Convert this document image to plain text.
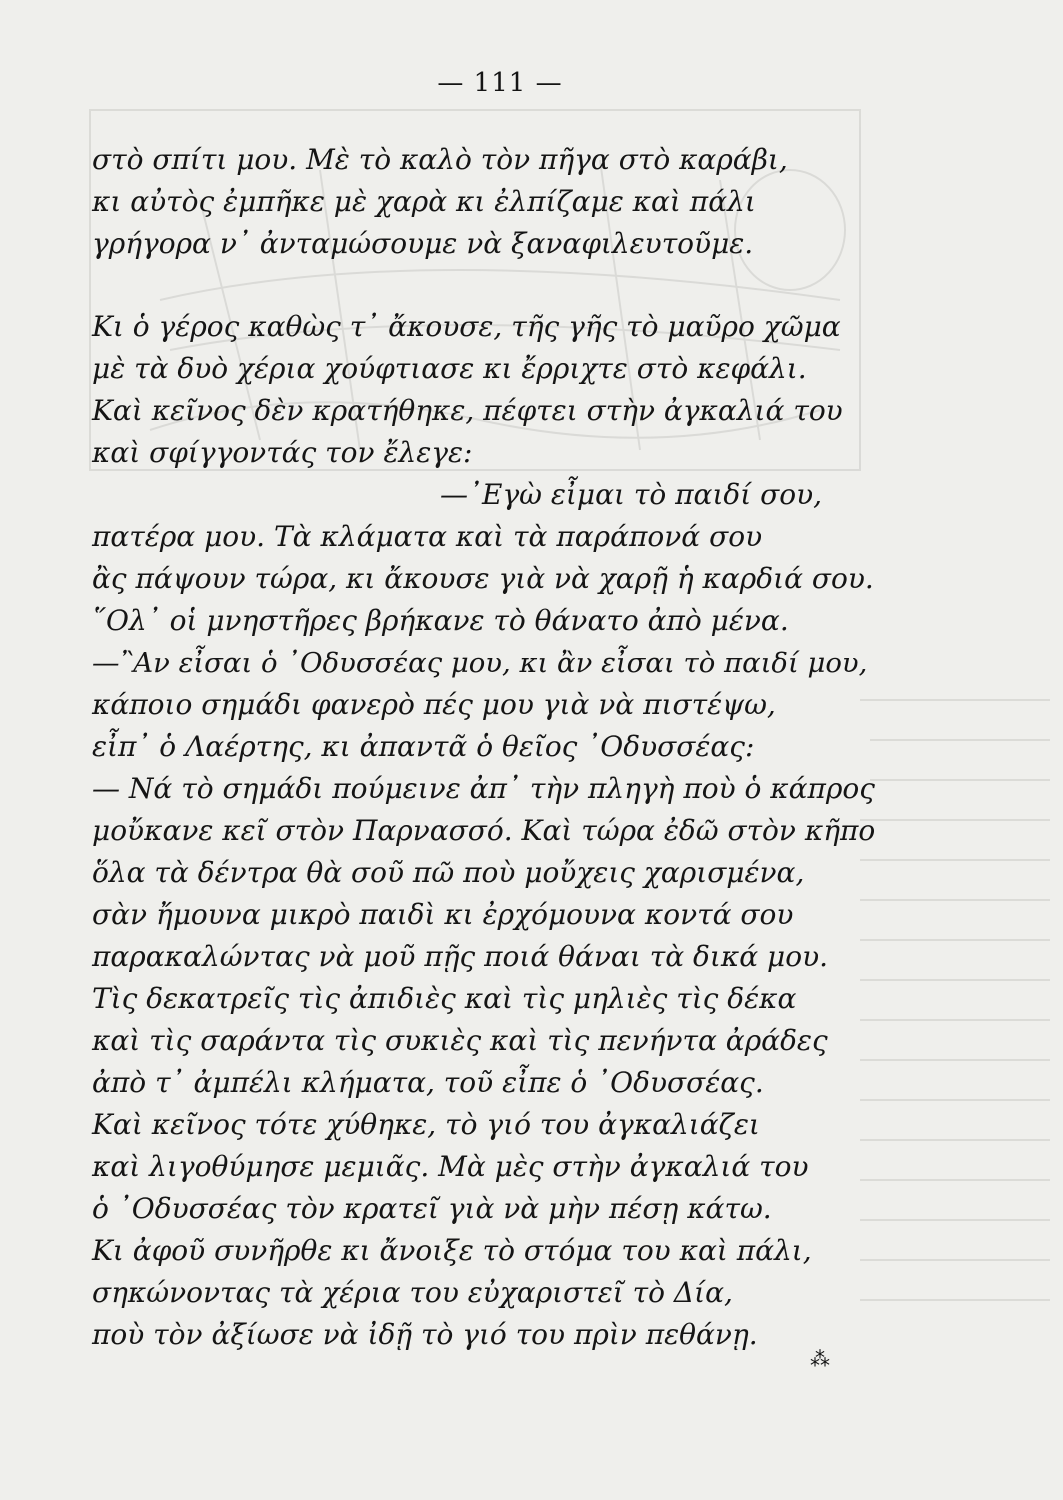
— 111 —
στὸ σπίτι μου. Μὲ τὸ καλὸ τὸν πῆγα στὸ καράβι,
κι αὐτὸς ἐμπῆκε μὲ χαρὰ κι ἐλπίζαμε καὶ πάλι
γρήγορα ν᾽ ἀνταμώσουμε νὰ ξαναφιλευτοῦμε.
Κι ὁ γέρος καθὼς τ᾽ ἄκουσε, τῆς γῆς τὸ μαῦρο χῶμα
μὲ τὰ δυὸ χέρια χούφτιασε κι ἔρριχτε στὸ κεφάλι.
Καὶ κεῖνος δὲν κρατήθηκε, πέφτει στὴν ἀγκαλιά του
καὶ σφίγγοντάς τον ἔλεγε:
—᾽Εγὼ εἶμαι τὸ παιδί σου,
πατέρα μου. Τὰ κλάματα καὶ τὰ παράπονά σου
ἂς πάψουν τώρα, κι ἄκουσε γιὰ νὰ χαρῇ ἡ καρδιά σου.
῞Ολ᾽ οἱ μνηστῆρες βρήκανε τὸ θάνατο ἀπὸ μένα.
—῍Αν εἶσαι ὁ ᾽Οδυσσέας μου, κι ἂν εἶσαι τὸ παιδί μου,
κάποιο σημάδι φανερὸ πές μου γιὰ νὰ πιστέψω,
εἶπ᾽ ὁ Λαέρτης, κι ἀπαντᾶ ὁ θεῖος ᾽Οδυσσέας:
— Νά τὸ σημάδι πούμεινε ἀπ᾽ τὴν πληγὴ ποὺ ὁ κάπρος
μοὔκανε κεῖ στὸν Παρνασσό. Καὶ τώρα ἐδῶ στὸν κῆπο
ὅλα τὰ δέντρα θὰ σοῦ πῶ ποὺ μοὔχεις χαρισμένα,
σὰν ἤμουνα μικρὸ παιδὶ κι ἐρχόμουνα κοντά σου
παρακαλώντας νὰ μοῦ πῇς ποιά θάναι τὰ δικά μου.
Τὶς δεκατρεῖς τὶς ἀπιδιὲς καὶ τὶς μηλιὲς τὶς δέκα
καὶ τὶς σαράντα τὶς συκιὲς καὶ τὶς πενήντα ἀράδες
ἀπὸ τ᾽ ἀμπέλι κλήματα, τοῦ εἶπε ὁ ᾽Οδυσσέας.
Καὶ κεῖνος τότε χύθηκε, τὸ γιό του ἀγκαλιάζει
καὶ λιγοθύμησε μεμιᾶς. Μὰ μὲς στὴν ἀγκαλιά του
ὁ ᾽Οδυσσέας τὸν κρατεῖ γιὰ νὰ μὴν πέσῃ κάτω.
Κι ἀφοῦ συνῆρθε κι ἄνοιξε τὸ στόμα του καὶ πάλι,
σηκώνοντας τὰ χέρια του εὐχαριστεῖ τὸ Δία,
ποὺ τὸν ἀξίωσε νὰ ἰδῇ τὸ γιό του πρὶν πεθάνῃ.
⁂
